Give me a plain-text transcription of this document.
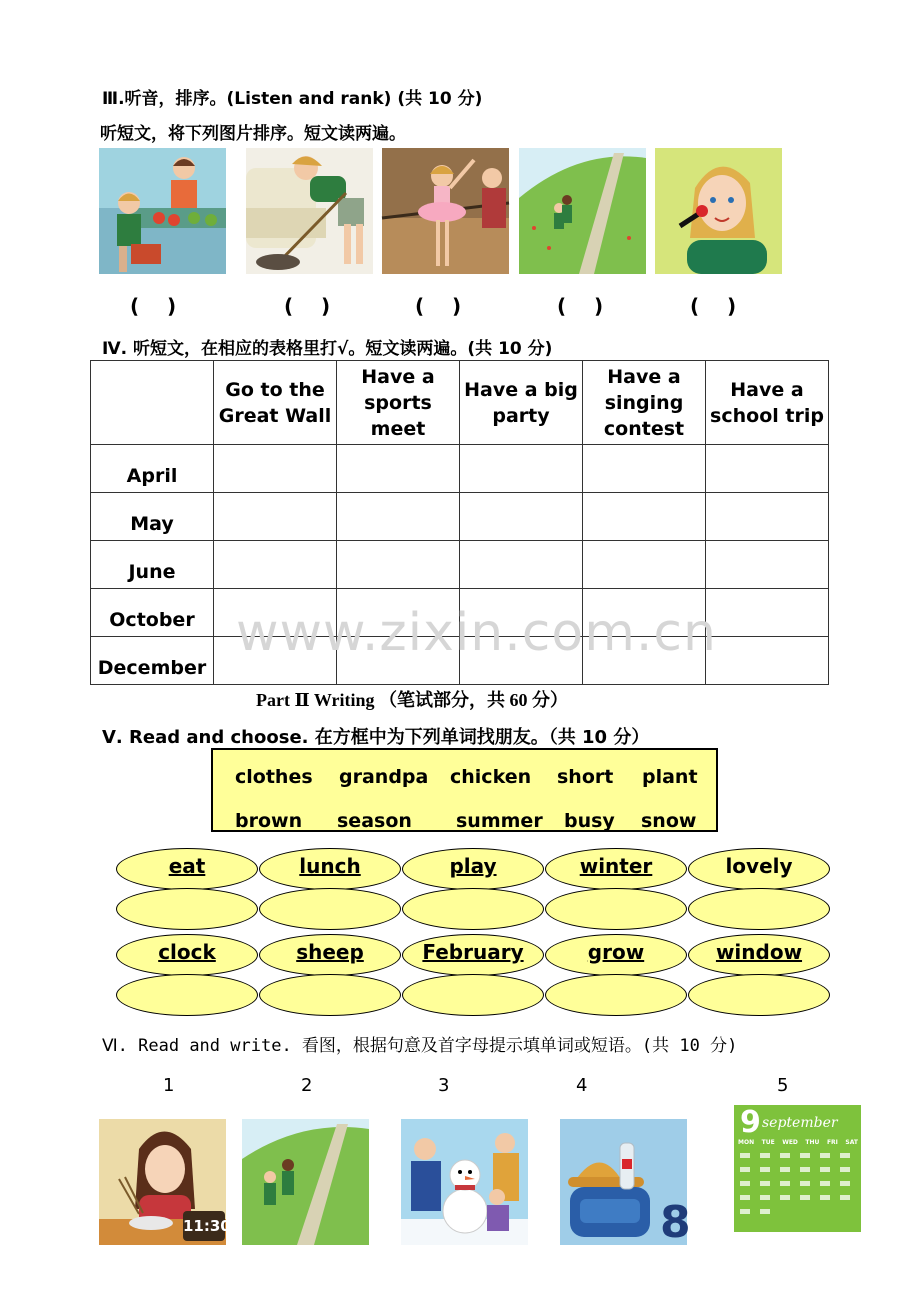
Ⅲ.听音，排序。(Listen and rank) (共 10 分)
听短文，将下列图片排序。短文读两遍。
(    )	(    )	(    )	(    )	(    )
Ⅳ. 听短文，在相应的表格里打√。短文读两遍。(共 10 分)
	Go to the Great Wall	Have a sports meet	Have a big party	Have a singing contest	Have a school trip
April					
May					
June					
October					
December					
www.zixin.com.cn
Part Ⅱ Writing （笔试部分，共 60 分）
Ⅴ. Read and choose. 在方框中为下列单词找朋友。（共 10 分）
clothes grandpa chicken short plant
brown season summer busy snow
eat	lunch	play	winter	lovely
clock	sheep	February	grow	window
Ⅵ. Read and write. 看图，根据句意及首字母提示填单词或短语。(共 10 分)
1	2	3	4	5
11:30	8
9 september
MON TUE WED THU FRI SAT
